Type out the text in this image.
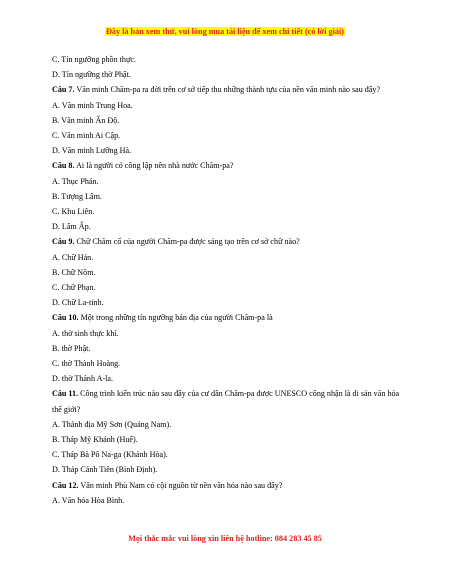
Đây là bản xem thử, vui lòng mua tài liệu để xem chi tiết (có lời giải)
C. Tín ngưỡng phồn thực.
D. Tín ngưỡng thờ Phật.
Câu 7. Văn minh Chăm-pa ra đời trên cơ sở tiếp thu những thành tựu của nền văn minh nào sau đây?
A. Văn minh Trung Hoa.
B. Văn minh Ấn Độ.
C. Văn minh Ai Cập.
D. Văn minh Lưỡng Hà.
Câu 8. Ai là người có công lập nên nhà nước Chăm-pa?
A. Thục Phán.
B. Tượng Lâm.
C. Khu Liên.
D. Lâm Ấp.
Câu 9. Chữ Chăm cổ của người Chăm-pa được sáng tạo trên cơ sở chữ nào?
A. Chữ Hán.
B. Chữ Nôm.
C. Chữ Phạn.
D. Chữ La-tinh.
Câu 10. Một trong những tín ngưỡng bản địa của người Chăm-pa là
A. thờ sinh thực khí.
B. thờ Phật.
C. thờ Thành Hoàng.
D. thờ Thánh A-la.
Câu 11. Công trình kiến trúc nào sau đây của cư dân Chăm-pa được UNESCO công nhận là di sản văn hóa thế giới?
A. Thánh địa Mỹ Sơn (Quảng Nam).
B. Tháp Mỹ Khánh (Huế).
C. Tháp Bà Pô Na-ga (Khánh Hòa).
D. Tháp Cánh Tiên (Bình Định).
Câu 12. Văn minh Phù Nam có cội nguồn từ nền văn hóa nào sau đây?
A. Văn hóa Hòa Bình.
Mọi thắc mắc vui lòng xin liên hệ hotline: 084 283 45 85
